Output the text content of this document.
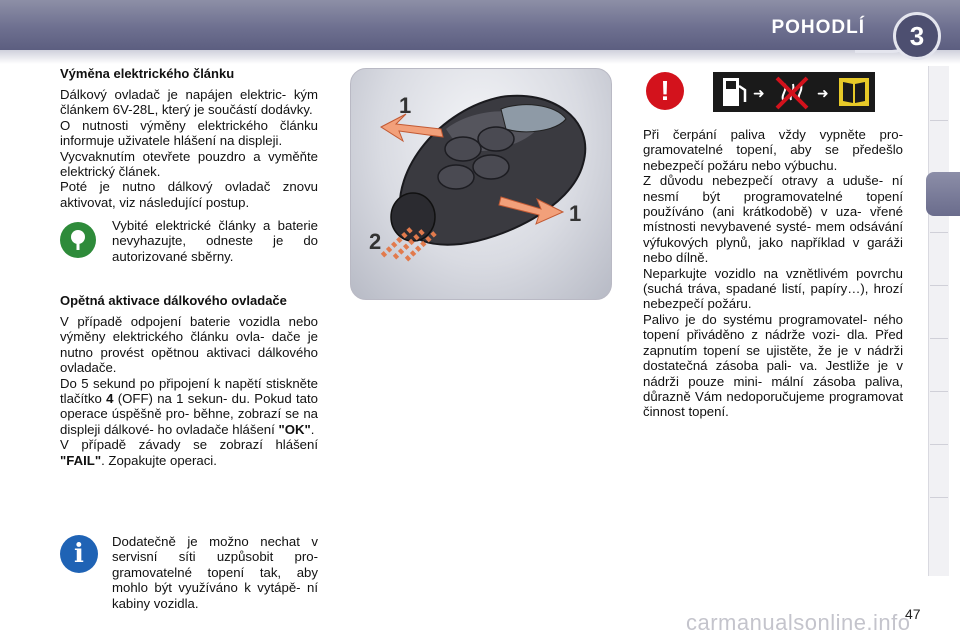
POHODLÍ	3

Výměna elektrického článku

Dálkový ovladač je napájen elektric- kým článkem 6V-28L, který je součástí dodávky.

O nutnosti výměny elektrického článku informuje uživatele hlášení na displeji.

Vycvaknutím otevřete pouzdro a vyměňte elektrický článek.

Poté je nutno dálkový ovladač znovu aktivovat, viz následující postup.

Vybité elektrické články a baterie nevyhazujte, odneste je do autorizované sběrny.

Opětná aktivace dálkového ovladače

V případě odpojení baterie vozidla nebo výměny elektrického článku ovla- dače je nutno provést opětnou aktivaci dálkového ovladače.

Do 5 sekund po připojení k napětí stiskněte tlačítko 4 (OFF) na 1 sekun- du. Pokud tato operace úspěšně pro- běhne, zobrazí se na displeji dálkové- ho ovladače hlášení "OK".

V případě závady se zobrazí hlášení "FAIL". Zopakujte operaci.

i	Dodatečně je možno nechat v servisní síti uzpůsobit pro- gramovatelné topení tak, aby mohlo být využíváno k vytápě- ní kabiny vozidla.
1
1
2
!	➜	➜

Při čerpání paliva vždy vypněte pro- gramovatelné topení, aby se předešlo nebezpečí požáru nebo výbuchu.

Z důvodu nebezpečí otravy a uduše- ní nesmí být programovatelné topení používáno (ani krátkodobě) v uza- vřené místnosti nevybavené systé- mem odsávání výfukových plynů, jako například v garáži nebo dílně.

Neparkujte vozidlo na vznětlivém povrchu (suchá tráva, spadané listí, papíry…), hrozí nebezpečí požáru.

Palivo je do systému programovatel- ného topení přiváděno z nádrže vozi- dla. Před zapnutím topení se ujistěte, že je v nádrži dostatečná zásoba pali- va. Jestliže je v nádrži pouze mini- mální zásoba paliva, důrazně Vám nedoporučujeme programovat činnost topení.

carmanualsonline.info
47
